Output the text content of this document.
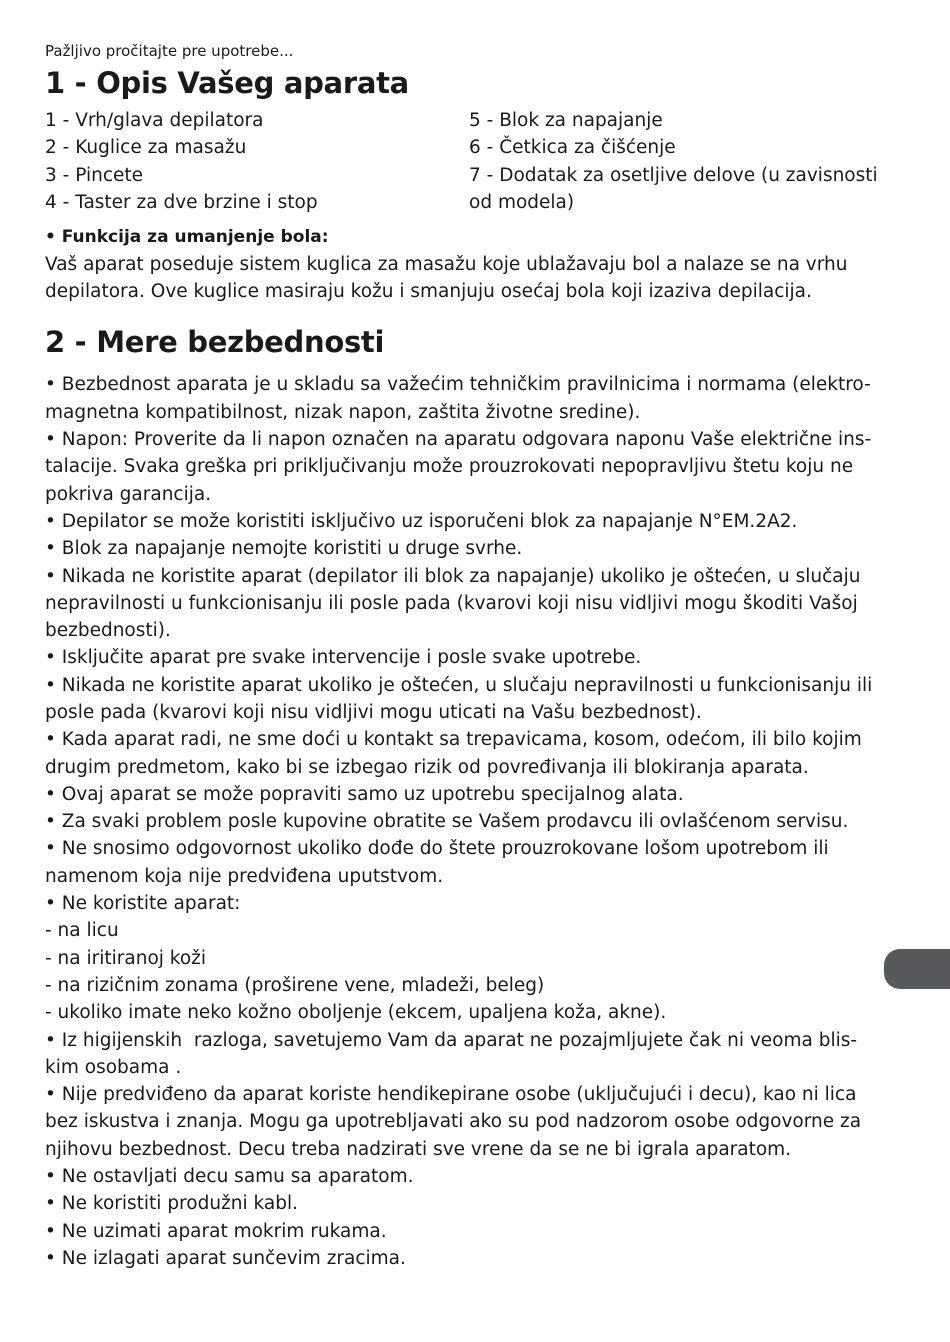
Pažljivo pročitajte pre upotrebe...

1 - Opis Vašeg aparata

1 - Vrh/glava depilatora

2 - Kuglice za masažu

3 - Pincete

4 - Taster za dve brzine i stop

5 - Blok za napajanje

6 - Četkica za čišćenje

7 - Dodatak za osetljive delove (u zavisnosti

od modela)

• Funkcija za umanjenje bola:

Vaš aparat poseduje sistem kuglica za masažu koje ublažavaju bol a nalaze se na vrhu

depilatora. Ove kuglice masiraju kožu i smanjuju osećaj bola koji izaziva depilacija.

2 - Mere bezbednosti

• Bezbednost aparata je u skladu sa važećim tehničkim pravilnicima i normama (elektro-

magnetna kompatibilnost, nizak napon, zaštita životne sredine).

• Napon: Proverite da li napon označen na aparatu odgovara naponu Vaše električne ins-

talacije. Svaka greška pri priključivanju može prouzrokovati nepopravljivu štetu koju ne

pokriva garancija.

• Depilator se može koristiti isključivo uz isporučeni blok za napajanje N°EM.2A2.

• Blok za napajanje nemojte koristiti u druge svrhe.

• Nikada ne koristite aparat (depilator ili blok za napajanje) ukoliko je oštećen, u slučaju

nepravilnosti u funkcionisanju ili posle pada (kvarovi koji nisu vidljivi mogu škoditi Vašoj

bezbednosti).

• Isključite aparat pre svake intervencije i posle svake upotrebe.

• Nikada ne koristite aparat ukoliko je oštećen, u slučaju nepravilnosti u funkcionisanju ili

posle pada (kvarovi koji nisu vidljivi mogu uticati na Vašu bezbednost).

• Kada aparat radi, ne sme doći u kontakt sa trepavicama, kosom, odećom, ili bilo kojim

drugim predmetom, kako bi se izbegao rizik od povređivanja ili blokiranja aparata.

• Ovaj aparat se može popraviti samo uz upotrebu specijalnog alata.

• Za svaki problem posle kupovine obratite se Vašem prodavcu ili ovlašćenom servisu.

• Ne snosimo odgovornost ukoliko dođe do štete prouzrokovane lošom upotrebom ili

namenom koja nije predviđena uputstvom.

• Ne koristite aparat:

- na licu

- na iritiranoj koži

- na rizičnim zonama (proširene vene, mladeži, beleg)

- ukoliko imate neko kožno oboljenje (ekcem, upaljena koža, akne).

• Iz higijenskih  razloga, savetujemo Vam da aparat ne pozajmljujete čak ni veoma blis-

kim osobama .

• Nije predviđeno da aparat koriste hendikepirane osobe (uključujući i decu), kao ni lica

bez iskustva i znanja. Mogu ga upotrebljavati ako su pod nadzorom osobe odgovorne za

njihovu bezbednost. Decu treba nadzirati sve vrene da se ne bi igrala aparatom.

• Ne ostavljati decu samu sa aparatom.

• Ne koristiti produžni kabl.

• Ne uzimati aparat mokrim rukama.

• Ne izlagati aparat sunčevim zracima.
